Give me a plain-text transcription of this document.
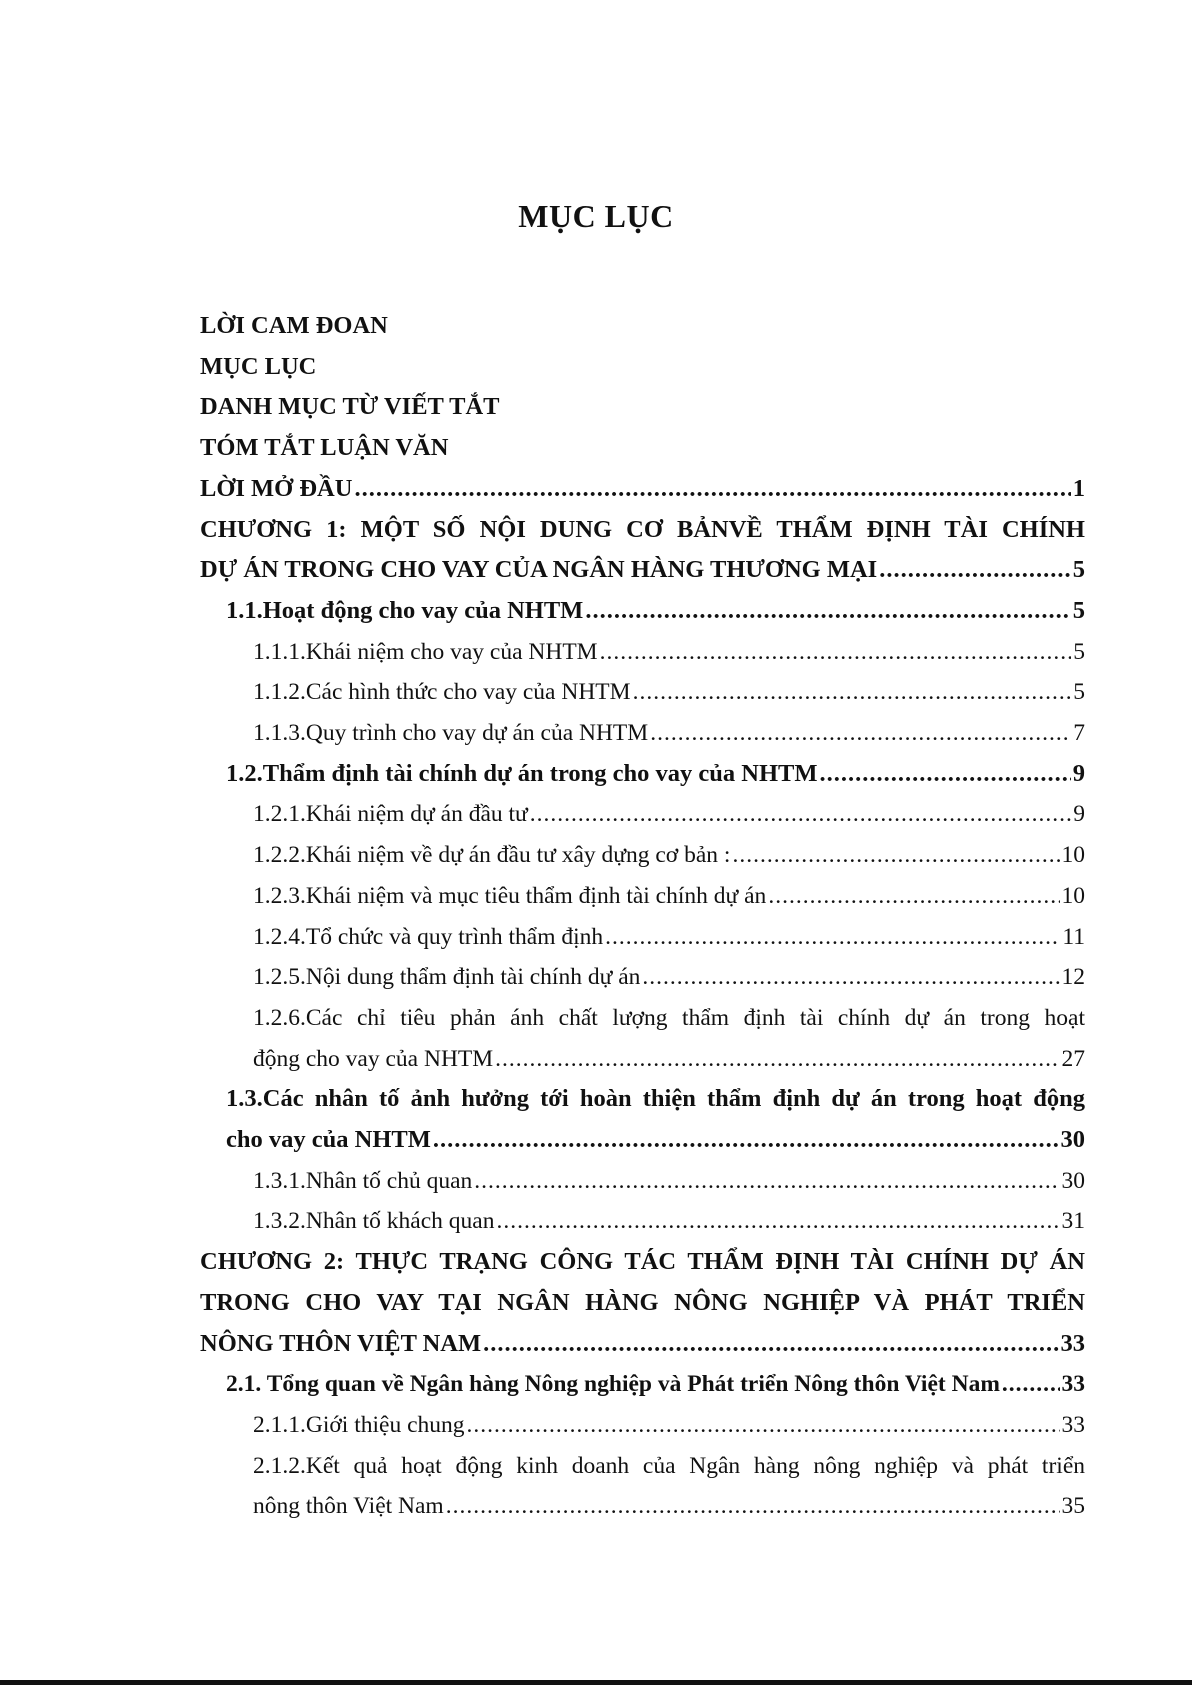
MỤC LỤC
LỜI CAM ĐOAN
MỤC LỤC
DANH MỤC TỪ VIẾT TẮT
TÓM TẮT LUẬN VĂN
LỜI MỞ ĐẦU .....	1
CHƯƠNG 1: MỘT SỐ NỘI DUNG CƠ BẢNVỀ THẨM ĐỊNH TÀI CHÍNH
DỰ ÁN TRONG CHO VAY CỦA NGÂN HÀNG THƯƠNG MẠI .....	5
1.1.Hoạt động cho vay của NHTM .....	5
1.1.1.Khái niệm cho vay của NHTM .....	5
1.1.2.Các hình thức cho vay của NHTM .....	5
1.1.3.Quy trình cho vay dự án của NHTM .....	7
1.2.Thẩm định tài chính dự án trong cho vay của NHTM .....	9
1.2.1.Khái niệm dự án đầu tư .....	9
1.2.2.Khái niệm về dự án đầu tư xây dựng cơ bản : .....	10
1.2.3.Khái niệm và mục tiêu thẩm định tài chính dự án .....	10
1.2.4.Tổ chức và quy trình thẩm định .....	11
1.2.5.Nội dung thẩm định tài chính dự án .....	12
1.2.6.Các chỉ tiêu phản ánh chất lượng thẩm định tài chính dự án trong hoạt
động cho vay của NHTM .....	27
1.3.Các nhân tố ảnh hưởng tới hoàn thiện thẩm định dự án trong hoạt động
cho vay của NHTM .....	30
1.3.1.Nhân tố chủ quan .....	30
1.3.2.Nhân tố khách quan .....	31
CHƯƠNG 2: THỰC TRẠNG CÔNG TÁC THẨM ĐỊNH TÀI CHÍNH DỰ ÁN
TRONG CHO VAY TẠI NGÂN HÀNG NÔNG NGHIỆP VÀ PHÁT TRIỂN
NÔNG THÔN VIỆT NAM .....	33
2.1. Tổng quan về Ngân hàng Nông nghiệp và Phát triển Nông thôn Việt Nam .....	33
2.1.1.Giới thiệu chung .....	33
2.1.2.Kết quả hoạt động kinh doanh của Ngân hàng nông nghiệp và phát triển
nông thôn Việt Nam .....	35
